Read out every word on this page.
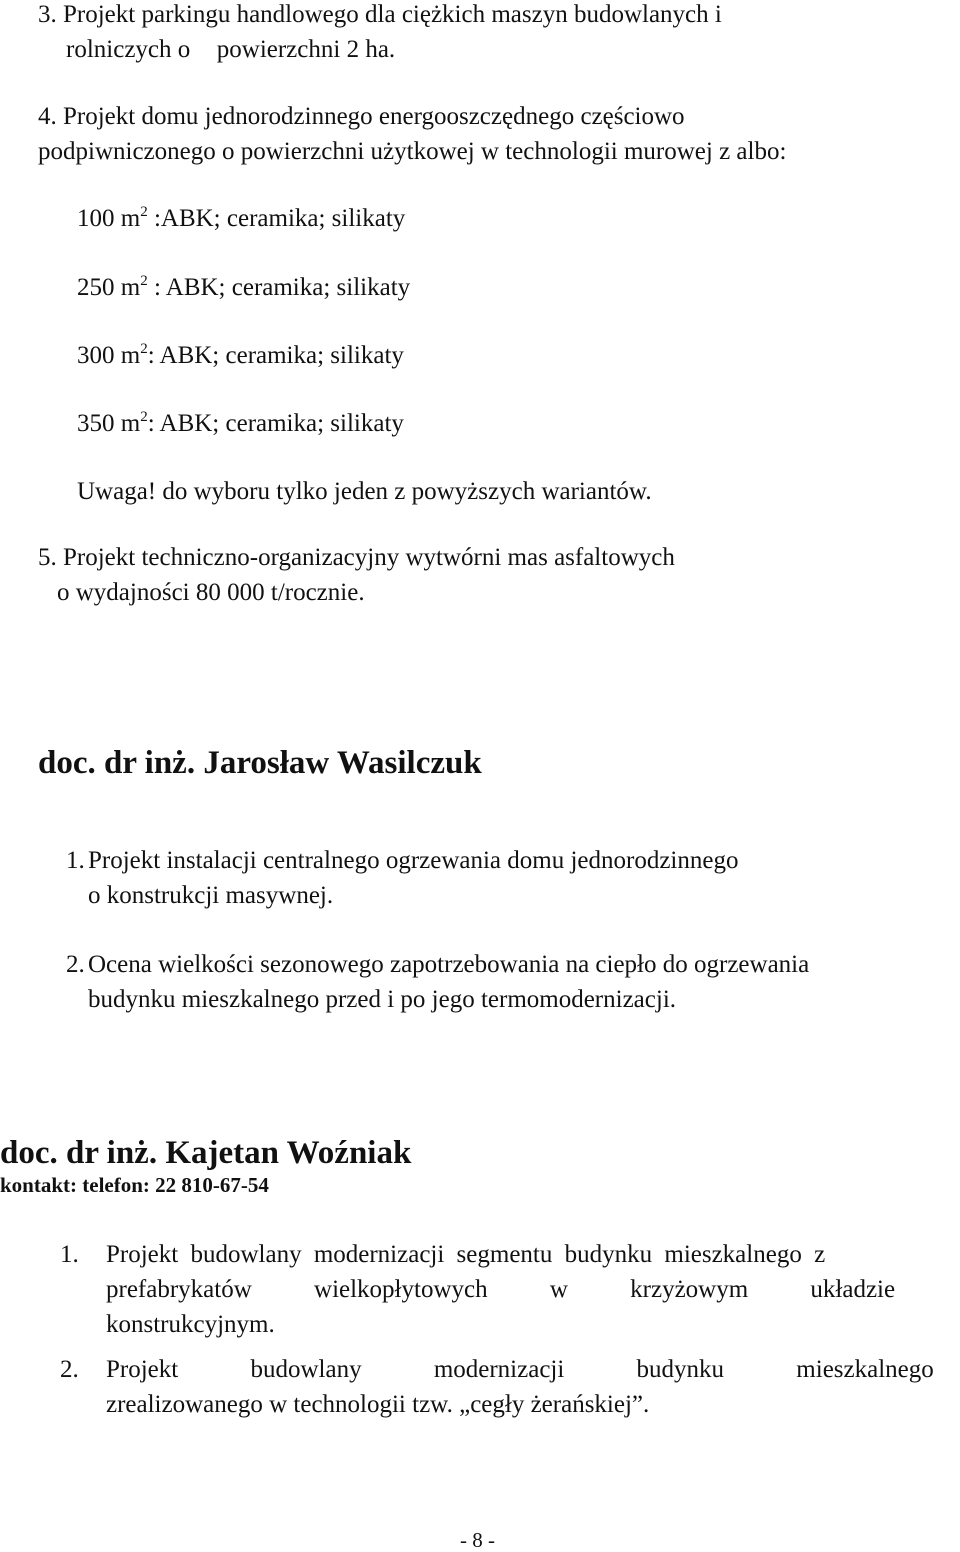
3. Projekt parkingu handlowego dla ciężkich maszyn budowlanych i
rolniczych o powierzchni 2 ha.
4. Projekt domu jednorodzinnego energooszczędnego częściowo
podpiwniczonego o powierzchni użytkowej w technologii murowej z albo:
100 $m^2$ :ABK; ceramika; silikaty
250 $m^2$ : ABK; ceramika; silikaty
300 $m^2$: ABK; ceramika; silikaty
350 $m^2$: ABK; ceramika; silikaty
Uwaga! do wyboru tylko jeden z powyższych wariantów.
5. Projekt techniczno-organizacyjny wytwórni mas asfaltowych
o wydajności 80 000 t/rocznie.
doc. dr inż. Jarosław Wasilczuk
1. Projekt instalacji centralnego ogrzewania domu jednorodzinnego
o konstrukcji masywnej.
2. Ocena wielkości sezonowego zapotrzebowania na ciepło do ogrzewania
budynku mieszkalnego przed i po jego termomodernizacji.
doc. dr inż. Kajetan Woźniak
kontakt: telefon: 22 810-67-54
1. Projekt budowlany modernizacji segmentu budynku mieszkalnego z
prefabrykatów wielkopłytowych w krzyżowym układzie
konstrukcyjnym.
2. Projekt budowlany modernizacji budynku mieszkalnego
zrealizowanego w technologii tzw. „cegły żerańskiej”.
- 8 -
